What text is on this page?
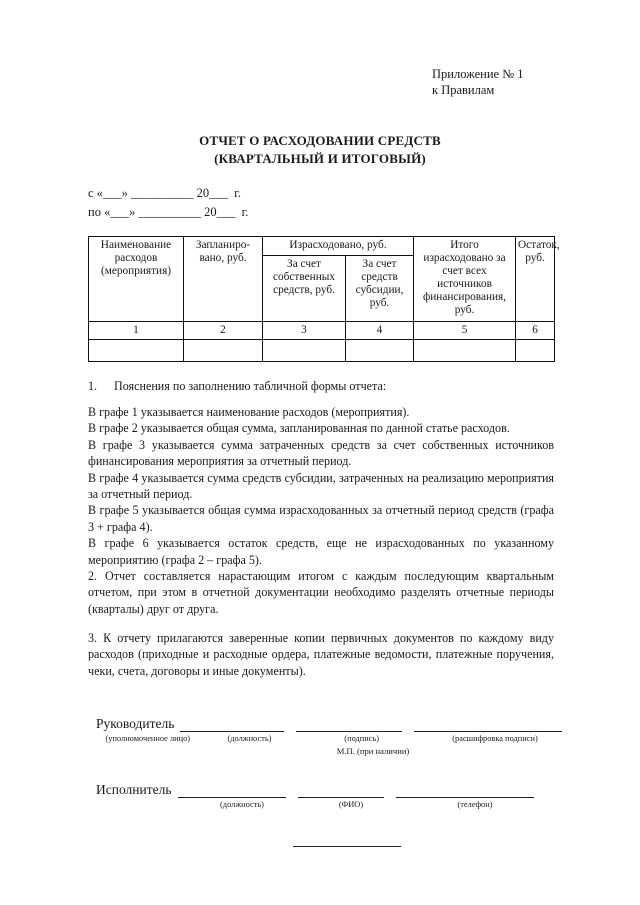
Приложение № 1
к Правилам
ОТЧЕТ О РАСХОДОВАНИИ СРЕДСТВ
(КВАРТАЛЬНЫЙ И ИТОГОВЫЙ)
с «___» __________ 20___  г.
по «___» __________ 20___  г.
Наименование расходов (мероприятия)	Запланиро-вано, руб.	Израсходовано, руб.		Итого израсходовано за счет всех источников финансирования, руб.	Остаток, руб.
		За счет собственных средств, руб.	За счет средств субсидии, руб.		
1	2	3	4	5	6

1. Пояснения по заполнению табличной формы отчета:

В графе 1 указывается наименование расходов (мероприятия).

В графе 2 указывается общая сумма, запланированная по данной статье расходов.

В графе 3 указывается сумма затраченных средств за счет собственных источников финансирования мероприятия за отчетный период.

В графе 4 указывается сумма средств субсидии, затраченных на реализацию мероприятия за отчетный период.

В графе 5 указывается общая сумма израсходованных за отчетный период средств (графа 3 + графа 4).

В графе 6 указывается остаток средств, еще не израсходованных по указанному мероприятию (графа 2 – графа 5).

2. Отчет составляется нарастающим итогом с каждым последующим квартальным отчетом, при этом в отчетной документации необходимо разделять отчетные периоды (кварталы) друг от друга.

3. К отчету прилагаются заверенные копии первичных документов по каждому виду расходов (приходные и расходные ордера, платежные ведомости, платежные поручения, чеки, счета, договоры и иные документы).

Руководитель
(уполномоченное лицо)	(должность)	(подпись)	(расшифровка подписи)
М.П. (при наличии)
Исполнитель
(должность)	(ФИО)	(телефон)
